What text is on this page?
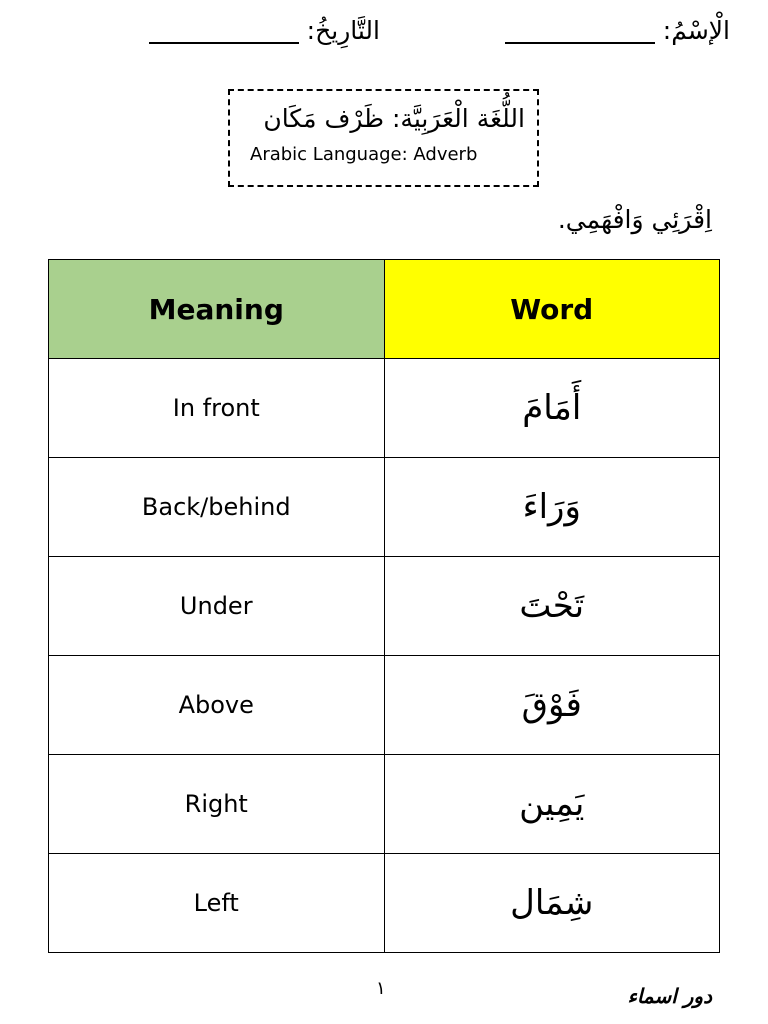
الْإسْمُ:
التَّارِيخُ:
اللُّغَة الْعَرَبِيَّة: ظَرْف مَكَان
Arabic Language: Adverb
اِقْرَئِي وَافْهَمِي.
Meaning	Word
In front	أَمَامَ
Back/behind	وَرَاءَ
Under	تَحْتَ
Above	فَوْقَ
Right	يَمِين
Left	شِمَال
١	دور اسماء
